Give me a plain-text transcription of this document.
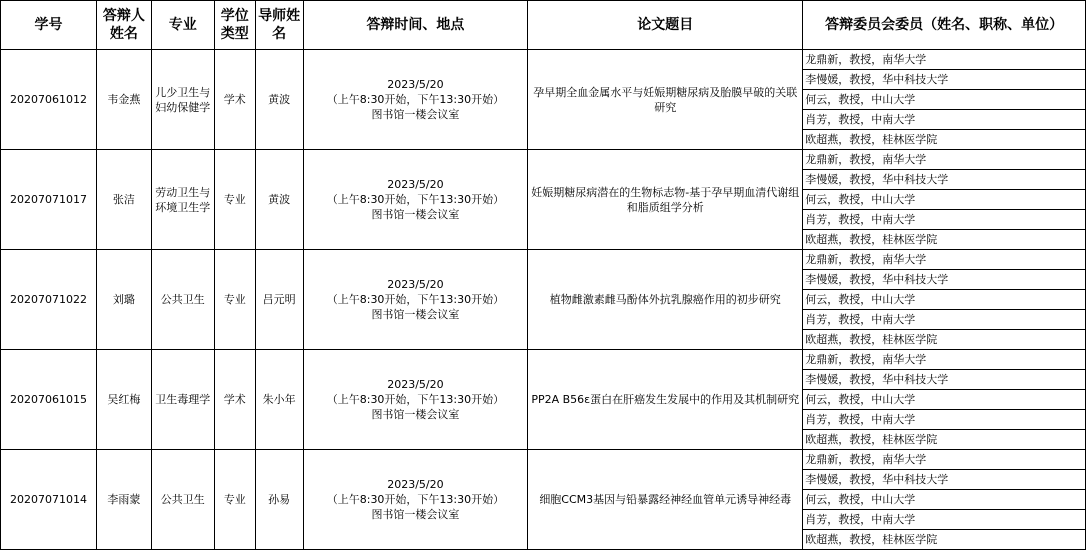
学号	答辩人姓名	专业	学位类型	导师姓名	答辩时间、地点	论文题目	答辩委员会委员（姓名、职称、单位）
20207061012	韦金燕	儿少卫生与妇幼保健学	学术	黄波	2023/5/20
（上午8:30开始，下午13:30开始）
图书馆一楼会议室	孕早期全血金属水平与妊娠期糖尿病及胎膜早破的关联研究	龙鼎新，教授，南华大学
							李慢媛，教授，华中科技大学
							何云，教授，中山大学
							肖芳，教授，中南大学
							欧超燕，教授，桂林医学院
20207071017	张洁	劳动卫生与环境卫生学	专业	黄波	2023/5/20
（上午8:30开始，下午13:30开始）
图书馆一楼会议室	妊娠期糖尿病潜在的生物标志物-基于孕早期血清代谢组和脂质组学分析	龙鼎新，教授，南华大学
							李慢媛，教授，华中科技大学
							何云，教授，中山大学
							肖芳，教授，中南大学
							欧超燕，教授，桂林医学院
20207071022	刘璐	公共卫生	专业	吕元明	2023/5/20
（上午8:30开始，下午13:30开始）
图书馆一楼会议室	植物雌激素雌马酚体外抗乳腺癌作用的初步研究	龙鼎新，教授，南华大学
							李慢媛，教授，华中科技大学
							何云，教授，中山大学
							肖芳，教授，中南大学
							欧超燕，教授，桂林医学院
20207061015	吴红梅	卫生毒理学	学术	朱小年	2023/5/20
（上午8:30开始，下午13:30开始）
图书馆一楼会议室	PP2A B56ε蛋白在肝癌发生发展中的作用及其机制研究	龙鼎新，教授，南华大学
							李慢媛，教授，华中科技大学
							何云，教授，中山大学
							肖芳，教授，中南大学
							欧超燕，教授，桂林医学院
20207071014	李雨蒙	公共卫生	专业	孙易	2023/5/20
（上午8:30开始，下午13:30开始）
图书馆一楼会议室	细胞CCM3基因与铅暴露经神经血管单元诱导神经毒	龙鼎新，教授，南华大学
							李慢媛，教授，华中科技大学
							何云，教授，中山大学
							肖芳，教授，中南大学
							欧超燕，教授，桂林医学院
